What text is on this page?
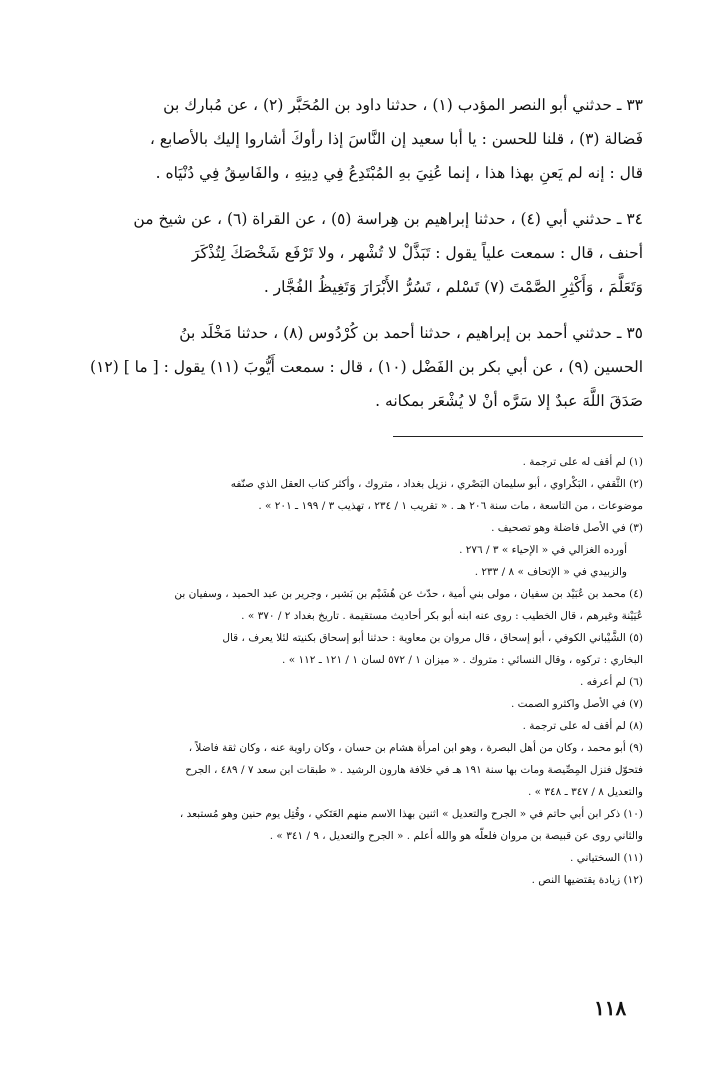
٣٣ ـ حدثني أبو النصر المؤدب (١) ، حدثنا داود بن المُحَبَّر (٢) ، عن مُبارك بن
فَضالة (٣) ، قلنا للحسن : يا أبا سعيد إن النَّاسَ إذا رأوكَ أشاروا إليك بالأصابع ،
قال : إنه لم يَعنِ بهذا هذا ، إنما عُنِيَ بهِ المُبْتَدِعُ فِي دِينِهِ ، والفَاسِقُ فِي دُنْيَاه .

٣٤ ـ حدثني أبي (٤) ، حدثنا إبراهيم بن هِراسة (٥) ، عن القراة (٦) ، عن شيخ من
أحنف ، قال : سمعت علياً يقول : تَبَذَّلْ لا تُشْهر ، ولا تَرْفَع شَخْصَكَ لِتُذْكَرَ
وَتَعَلَّمَ ، وَأَكْثِرِ الصَّمْتَ (٧) تَسْلم ، تَسُرُّ الأَبْرَارَ وَتَغِيظُ الفُجَّار .

٣٥ ـ حدثني أحمد بن إبراهيم ، حدثنا أحمد بن كُرْدُوس (٨) ، حدثنا مَخْلَد بنُ
الحسين (٩) ، عن أبي بكر بن الفَضْل (١٠) ، قال : سمعت أَيُّوبَ (١١) يقول : [ ما ] (١٢)
صَدَقَ اللَّهَ عبدٌ إلا سَرَّه أنْ لا يُشْعَر بمكانه .

(١) لم أقف له على ترجمة .

(٢) الثَّقفي ، البَكْراوي ، أبو سليمان البَصْري ، نزيل بغداد ، متروك ، وأكثر كتاب العقل الذي صنّفه
موضوعات ، من التاسعة ، مات سنة ٢٠٦ هـ . « تقريب ١ / ٢٣٤ ، تهذيب ٣ / ١٩٩ ـ ٢٠١ » .

(٣) في الأصل فاضلة وهو تصحيف .

أورده الغزالي في « الإحياء » ٣ / ٢٧٦ .

والزبيدي في « الإتحاف » ٨ / ٢٣٣ .

(٤) محمد بن عُبَيْد بن سفيان ، مولى بني أمية ، حدّث عن هُشَيْم بن بَشير ، وجرير بن عبد الحميد ، وسفيان بن
عُيَيْنة وغيرهم ، قال الخطيب : روى عنه ابنه أبو بكر أحاديث مستقيمة . تاريخ بغداد ٢ / ٣٧٠ » .

(٥) الشَّيْباني الكوفي ، أبو إسحاق ، قال مروان بن معاوية : حدثنا أبو إسحاق بكنيته لئلا يعرف ، قال
البخاري : تركوه ، وقال النسائي : متروك . « ميزان ١ / ٥٧٢ لسان ١ / ١٢١ ـ ١١٢ » .

(٦) لم أعرفه .

(٧) في الأصل واكثرو الصمت .

(٨) لم أقف له على ترجمة .

(٩) أبو محمد ، وكان من أهل البصرة ، وهو ابن امرأة هشام بن حسان ، وكان راوية عنه ، وكان ثقة فاضلاً ،
فتحوّل فنزل المِصِّيصة ومات بها سنة ١٩١ هـ في خلافة هارون الرشيد . « طبقات ابن سعد ٧ / ٤٨٩ ، الجرح
والتعديل ٨ / ٣٤٧ ـ ٣٤٨ » .

(١٠) ذكر ابن أبي حاتم في « الجرح والتعديل » اثنين بهذا الاسم منهم العَتَكي ، وقُتِل يوم حنين وهو مُستبعد ،
والثاني روى عن قبيصة بن مروان فلعلّه هو والله أعلم . « الجرح والتعديل ، ٩ / ٣٤١ » .

(١١) السختياني .

(١٢) زيادة يقتضيها النص .

١١٨
